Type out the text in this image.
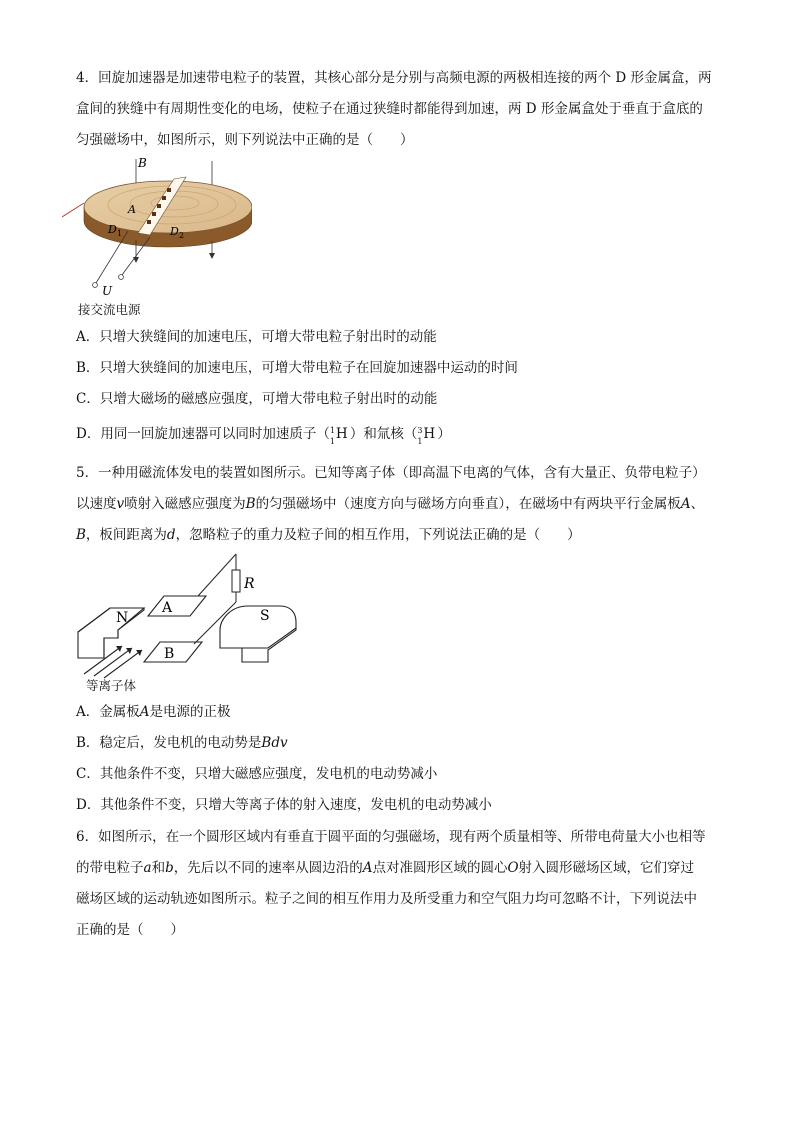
4．回旋加速器是加速带电粒子的装置，其核心部分是分别与高频电源的两极相连接的两个 D 形金属盒，两
盒间的狭缝中有周期性变化的电场，使粒子在通过狭缝时都能得到加速，两 D 形金属盒处于垂直于盒底的
匀强磁场中，如图所示，则下列说法中正确的是（　　）
B
A
D 1	D 2
U
接交流电源
A．只增大狭缝间的加速电压，可增大带电粒子射出时的动能
B．只增大狭缝间的加速电压，可增大带电粒子在回旋加速器中运动的时间
C．只增大磁场的磁感应强度，可增大带电粒子射出时的动能
D．用同一回旋加速器可以同时加速质子（ 1
1 H ）和氚核（ 3
1 H ）
5．一种用磁流体发电的装置如图所示。已知等离子体（即高温下电离的气体，含有大量正、负带电粒子）
以速度v喷射入磁感应强度为B的匀强磁场中（速度方向与磁场方向垂直），在磁场中有两块平行金属板A、
B，板间距离为d，忽略粒子的重力及粒子间的相互作用，下列说法正确的是（　　）
N
A
B
S
R
等离子体
A．金属板A是电源的正极
B．稳定后，发电机的电动势是Bdv
C．其他条件不变，只增大磁感应强度，发电机的电动势减小
D．其他条件不变，只增大等离子体的射入速度，发电机的电动势减小
6．如图所示，在一个圆形区域内有垂直于圆平面的匀强磁场，现有两个质量相等、所带电荷量大小也相等
的带电粒子a和b，先后以不同的速率从圆边沿的A点对准圆形区域的圆心O射入圆形磁场区域，它们穿过
磁场区域的运动轨迹如图所示。粒子之间的相互作用力及所受重力和空气阻力均可忽略不计，下列说法中
正确的是（　　）
